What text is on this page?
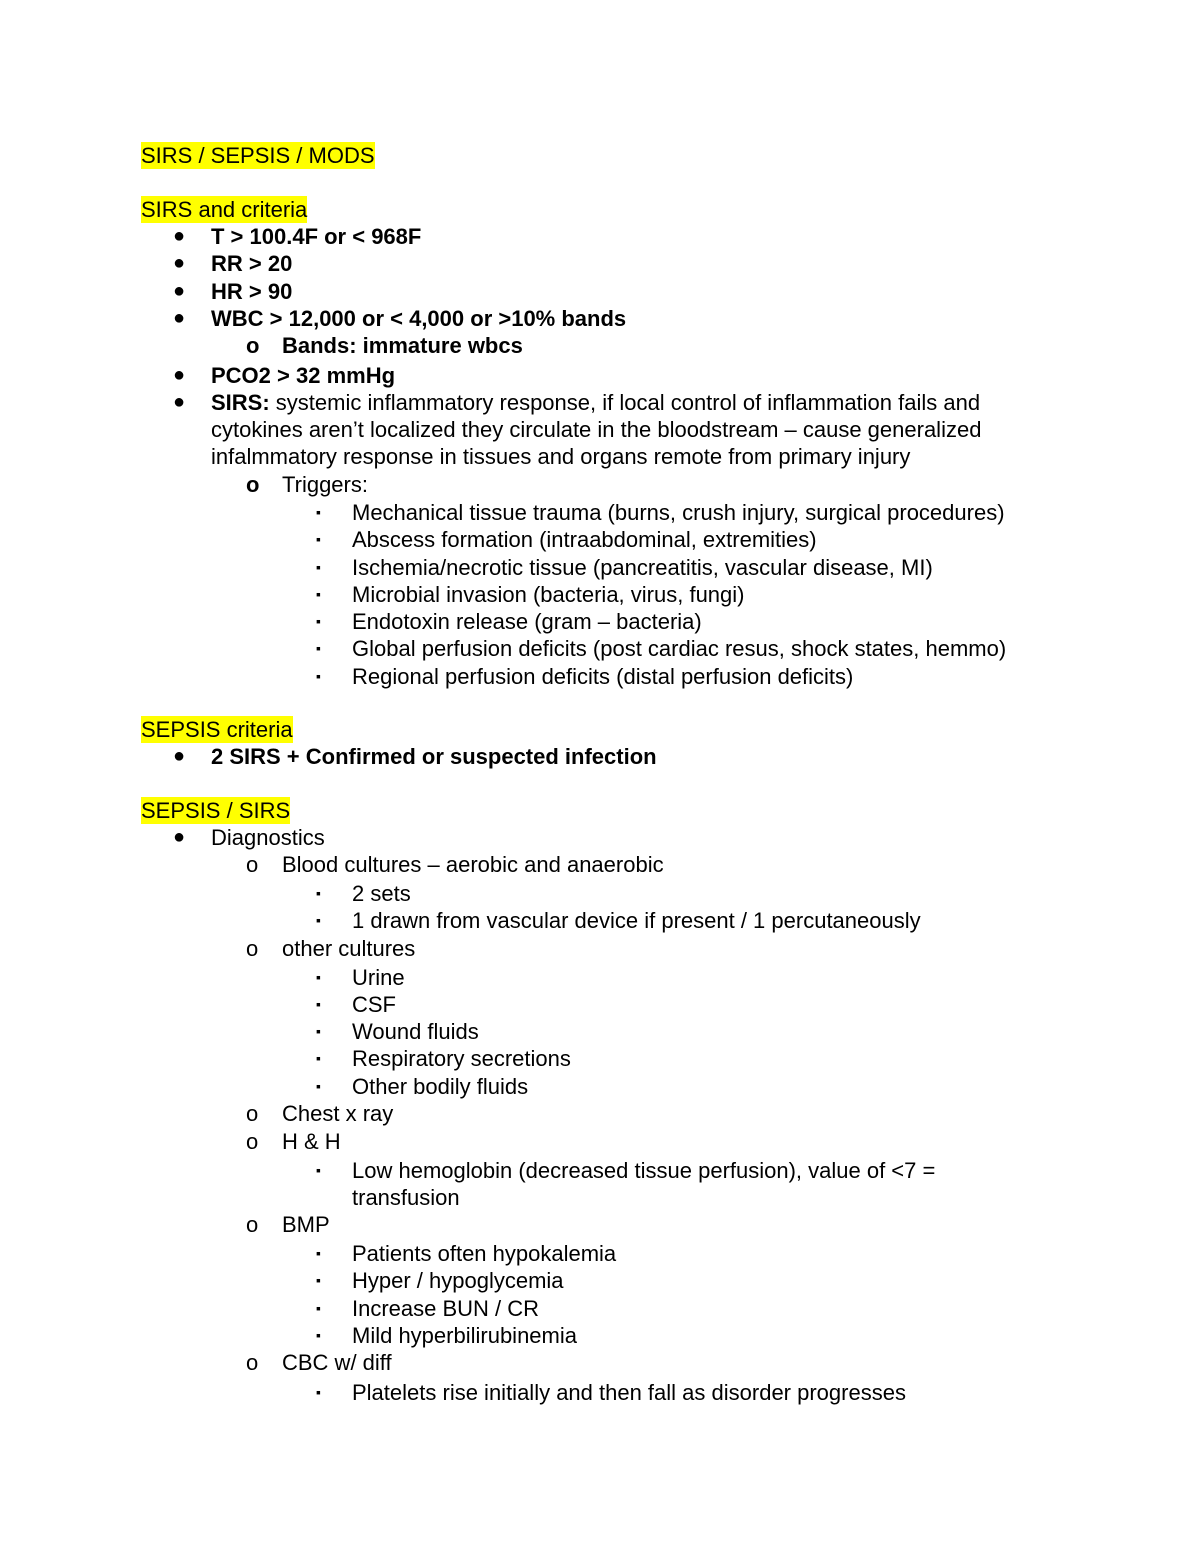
SIRS / SEPSIS / MODS
SIRS and criteria
● T > 100.4F or < 968F
● RR > 20
● HR > 90
● WBC > 12,000 or < 4,000 or >10% bands
o Bands: immature wbcs
● PCO2 > 32 mmHg
● SIRS: systemic inflammatory response, if local control of inflammation fails and
cytokines aren’t localized they circulate in the bloodstream – cause generalized
infalmmatory response in tissues and organs remote from primary injury
o Triggers:
▪	Mechanical tissue trauma (burns, crush injury, surgical procedures)
▪	Abscess formation (intraabdominal, extremities)
▪	Ischemia/necrotic tissue (pancreatitis, vascular disease, MI)
▪	Microbial invasion (bacteria, virus, fungi)
▪	Endotoxin release (gram – bacteria)
▪	Global perfusion deficits (post cardiac resus, shock states, hemmo)
▪	Regional perfusion deficits (distal perfusion deficits)
SEPSIS criteria
● 2 SIRS + Confirmed or suspected infection
SEPSIS / SIRS
● Diagnostics
o Blood cultures – aerobic and anaerobic
▪	2 sets
▪	1 drawn from vascular device if present / 1 percutaneously
o other cultures
▪	Urine
▪	CSF
▪	Wound fluids
▪	Respiratory secretions
▪	Other bodily fluids
o Chest x ray
o H & H
▪	Low hemoglobin (decreased tissue perfusion), value of <7 =
transfusion
o BMP
▪	Patients often hypokalemia
▪	Hyper / hypoglycemia
▪	Increase BUN / CR
▪	Mild hyperbilirubinemia
o CBC w/ diff
▪	Platelets rise initially and then fall as disorder progresses
